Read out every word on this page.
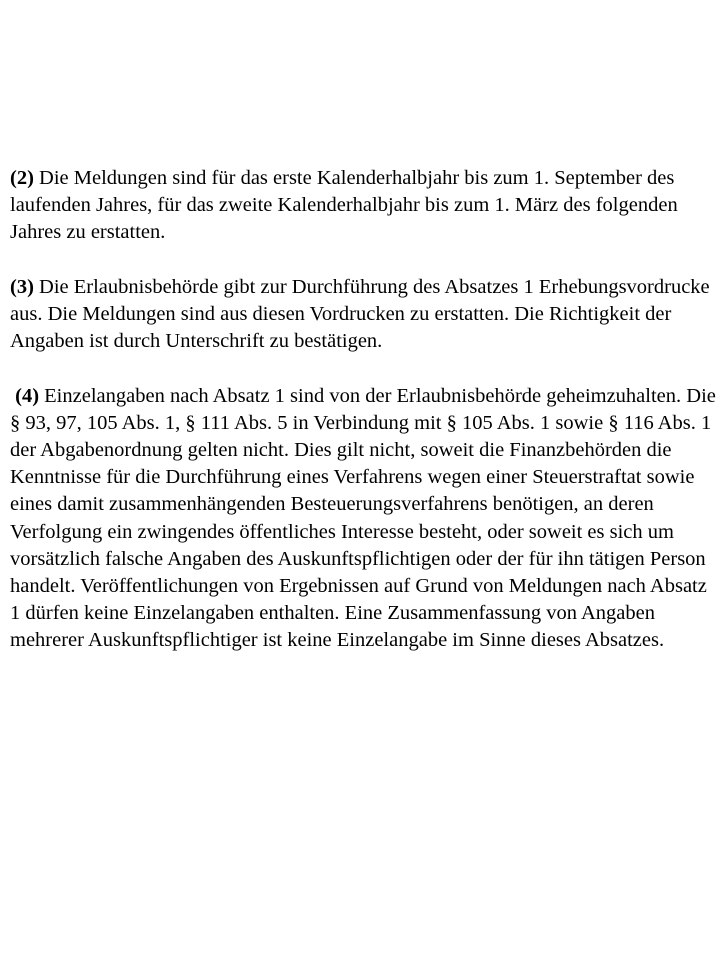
(2) Die Meldungen sind für das erste Kalenderhalbjahr bis zum 1. September des laufenden Jahres, für das zweite Kalenderhalbjahr bis zum 1. März des folgenden Jahres zu erstatten.

(3) Die Erlaubnisbehörde gibt zur Durchführung des Absatzes 1 Erhebungsvordrucke aus. Die Meldungen sind aus diesen Vordrucken zu erstatten. Die Richtigkeit der Angaben ist durch Unterschrift zu bestätigen.

(4) Einzelangaben nach Absatz 1 sind von der Erlaubnisbehörde geheimzuhalten. Die § 93, 97, 105 Abs. 1, § 111 Abs. 5 in Verbindung mit § 105 Abs. 1 sowie § 116 Abs. 1 der Abgabenordnung gelten nicht. Dies gilt nicht, soweit die Finanzbehörden die Kenntnisse für die Durchführung eines Verfahrens wegen einer Steuerstraftat sowie eines damit zusammenhängenden Besteuerungsverfahrens benötigen, an deren Verfolgung ein zwingendes öffentliches Interesse besteht, oder soweit es sich um vorsätzlich falsche Angaben des Auskunftspflichtigen oder der für ihn tätigen Person handelt. Veröffentlichungen von Ergebnissen auf Grund von Meldungen nach Absatz 1 dürfen keine Einzelangaben enthalten. Eine Zusammenfassung von Angaben mehrerer Auskunftspflichtiger ist keine Einzelangabe im Sinne dieses Absatzes.
